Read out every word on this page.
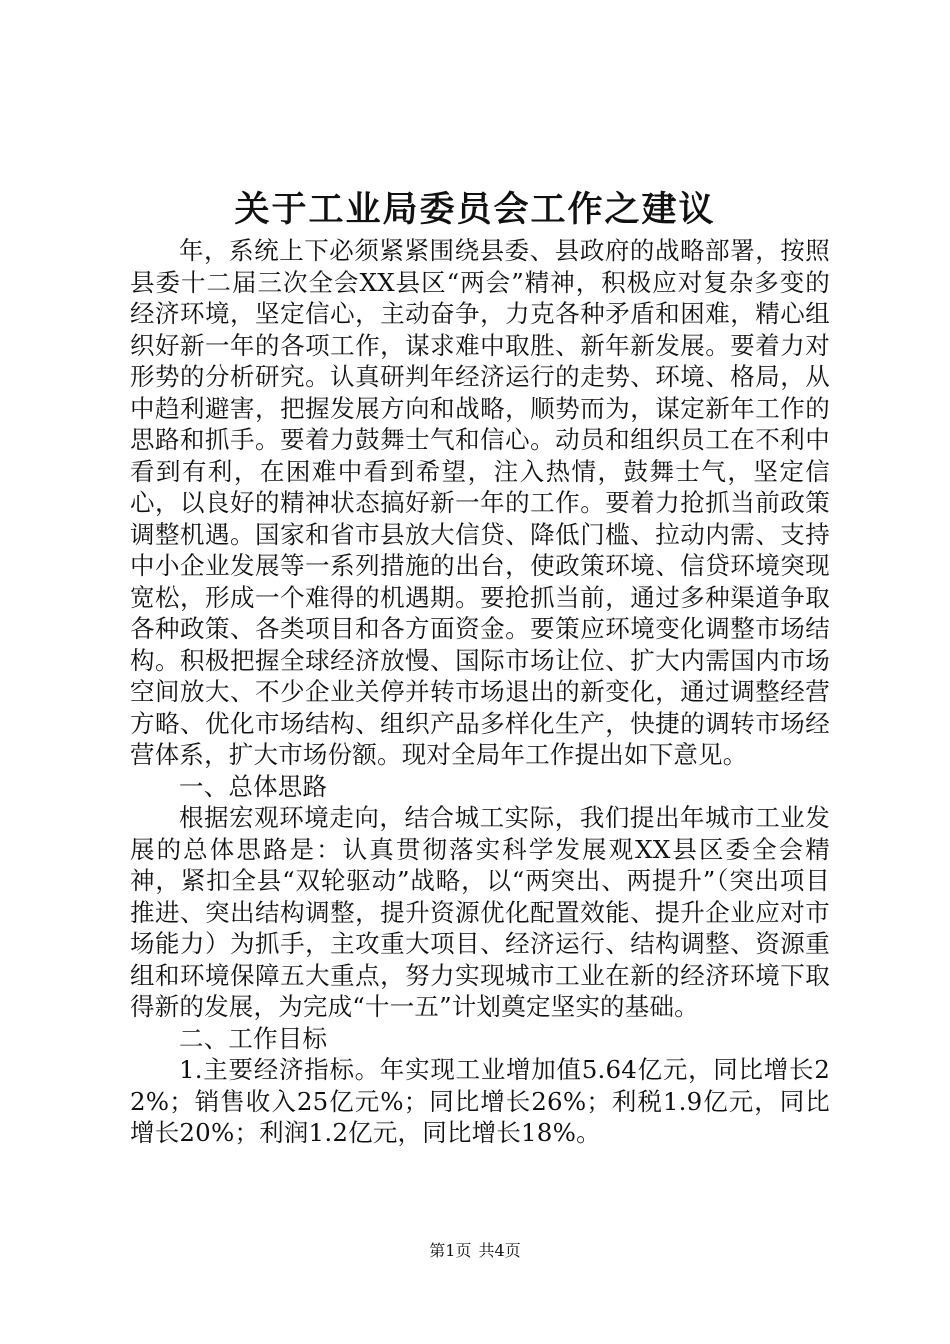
关于工业局委员会工作之建议

年，系统上下必须紧紧围绕县委、县政府的战略部署，按照县委十二届三次全会XX县区“两会”精神，积极应对复杂多变的经济环境，坚定信心，主动奋争，力克各种矛盾和困难，精心组织好新一年的各项工作，谋求难中取胜、新年新发展。要着力对形势的分析研究。认真研判年经济运行的走势、环境、格局，从中趋利避害，把握发展方向和战略，顺势而为，谋定新年工作的思路和抓手。要着力鼓舞士气和信心。动员和组织员工在不利中看到有利，在困难中看到希望，注入热情，鼓舞士气，坚定信心，以良好的精神状态搞好新一年的工作。要着力抢抓当前政策调整机遇。国家和省市县放大信贷、降低门槛、拉动内需、支持中小企业发展等一系列措施的出台，使政策环境、信贷环境突现宽松，形成一个难得的机遇期。要抢抓当前，通过多种渠道争取各种政策、各类项目和各方面资金。要策应环境变化调整市场结构。积极把握全球经济放慢、国际市场让位、扩大内需国内市场空间放大、不少企业关停并转市场退出的新变化，通过调整经营方略、优化市场结构、组织产品多样化生产，快捷的调转市场经营体系，扩大市场份额。现对全局年工作提出如下意见。

一、总体思路

根据宏观环境走向，结合城工实际，我们提出年城市工业发展的总体思路是：认真贯彻落实科学发展观XX县区委全会精神，紧扣全县“双轮驱动”战略，以“两突出、两提升”（突出项目推进、突出结构调整，提升资源优化配置效能、提升企业应对市场能力）为抓手，主攻重大项目、经济运行、结构调整、资源重组和环境保障五大重点，努力实现城市工业在新的经济环境下取得新的发展，为完成“十一五”计划奠定坚实的基础。

二、工作目标

1.主要经济指标。年实现工业增加值5.64亿元，同比增长22%；销售收入25亿元%；同比增长26%；利税1.9亿元，同比增长20%；利润1.2亿元，同比增长18%。

第1页 共4页
